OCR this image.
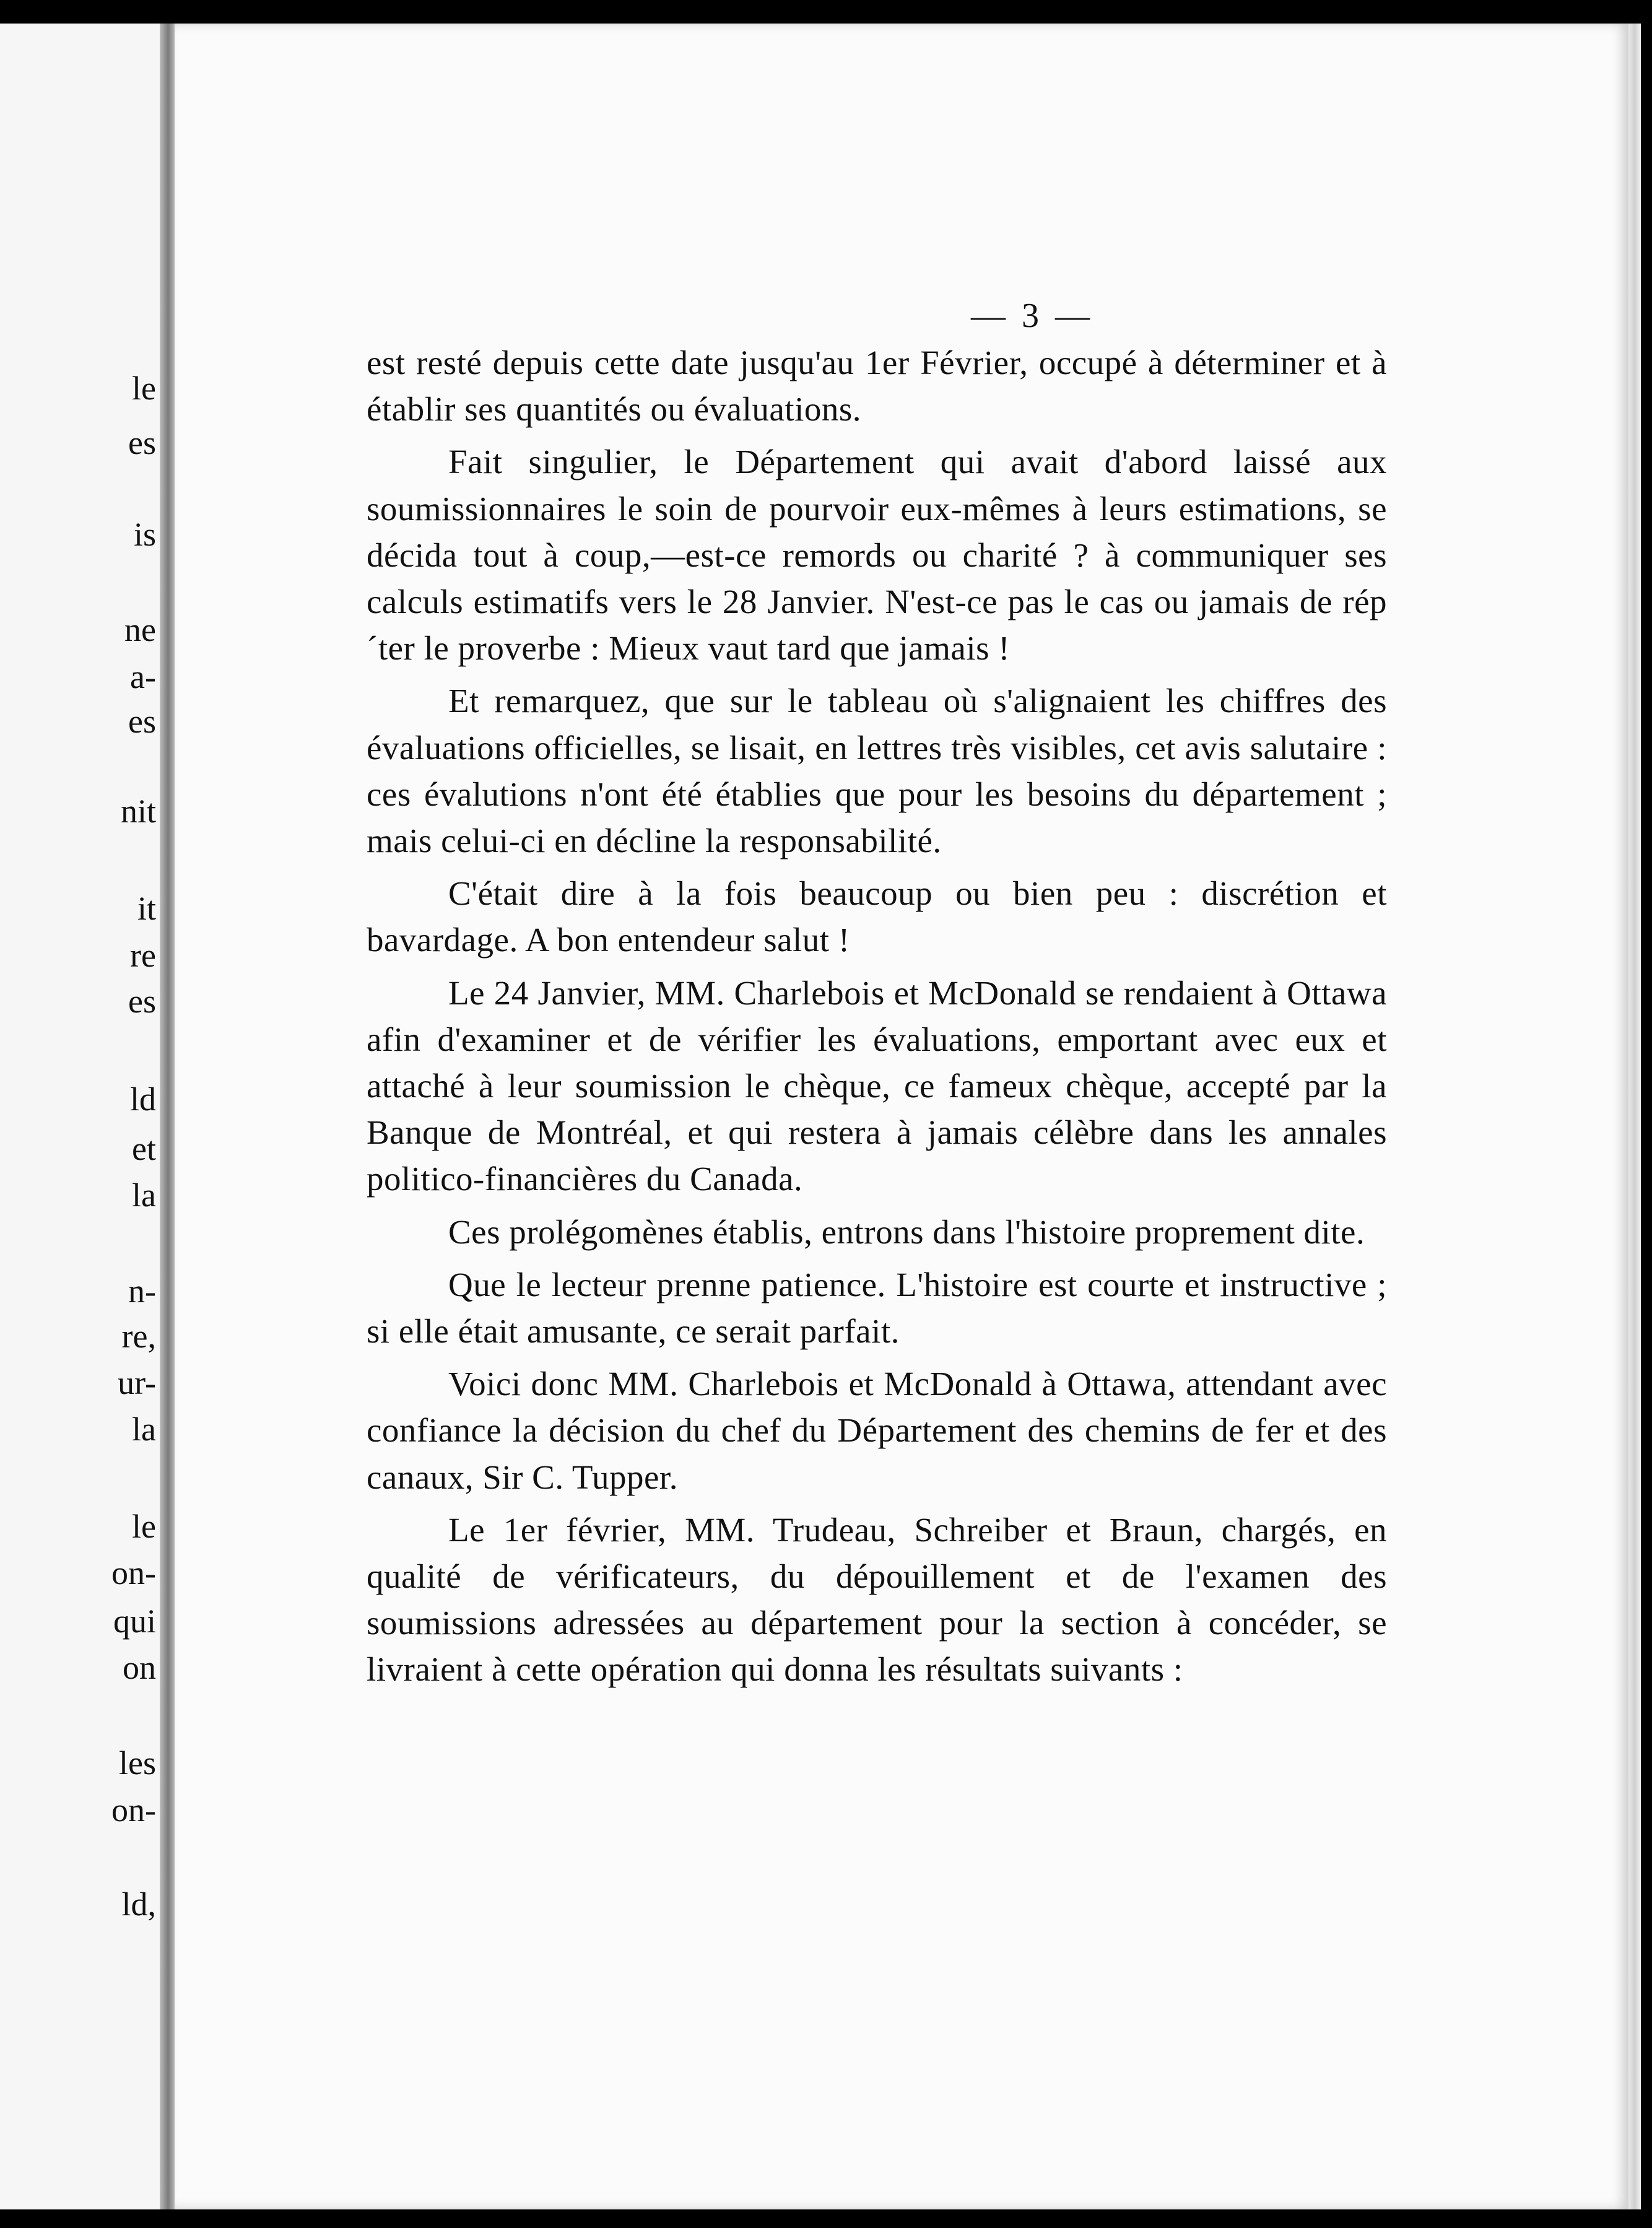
le
es
is
ne
a-
es
nit
it
re
es
ld
et
la
n-
re,
ur-
la
le
on-
qui
on
les
on-
ld,
— 3 —

est resté depuis cette date jusqu'au 1er Février, occupé à déterminer et à établir ses quantités ou évaluations.

Fait singulier, le Département qui avait d'abord laissé aux soumissionnaires le soin de pourvoir eux-mêmes à leurs estimations, se décida tout à coup,—est-ce remords ou charité ? à communiquer ses calculs estimatifs vers le 28 Janvier. N'est-ce pas le cas ou jamais de rép´ter le proverbe : Mieux vaut tard que jamais !

Et remarquez, que sur le tableau où s'alignaient les chiffres des évaluations officielles, se lisait, en lettres très visibles, cet avis salutaire : ces évalutions n'ont été établies que pour les besoins du département ; mais celui-ci en décline la responsabilité.

C'était dire à la fois beaucoup ou bien peu : discrétion et bavardage. A bon entendeur salut !

Le 24 Janvier, MM. Charlebois et McDonald se rendaient à Ottawa afin d'examiner et de vérifier les évaluations, emportant avec eux et attaché à leur soumission le chèque, ce fameux chèque, accepté par la Banque de Montréal, et qui restera à jamais célèbre dans les annales politico-financières du Canada.

Ces prolégomènes établis, entrons dans l'histoire proprement dite.

Que le lecteur prenne patience. L'histoire est courte et instructive ; si elle était amusante, ce serait parfait.

Voici donc MM. Charlebois et McDonald à Ottawa, attendant avec confiance la décision du chef du Département des chemins de fer et des canaux, Sir C. Tupper.

Le 1er février, MM. Trudeau, Schreiber et Braun, chargés, en qualité de vérificateurs, du dépouillement et de l'examen des soumissions adressées au département pour la section à concéder, se livraient à cette opération qui donna les résultats suivants :
